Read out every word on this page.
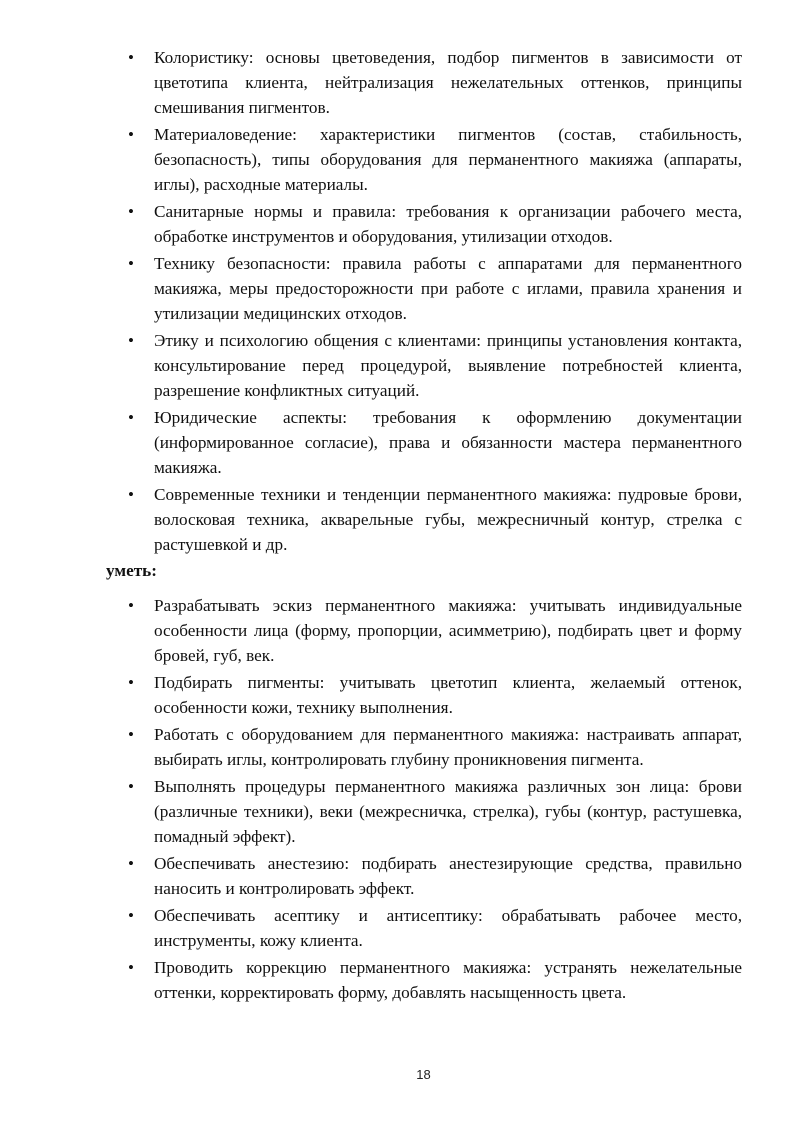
• Колористику: основы цветоведения, подбор пигментов в зависимости от цветотипа клиента, нейтрализация нежелательных оттенков, принципы смешивания пигментов.
• Материаловедение: характеристики пигментов (состав, стабильность, безопасность), типы оборудования для перманентного макияжа (аппараты, иглы), расходные материалы.
• Санитарные нормы и правила: требования к организации рабочего места, обработке инструментов и оборудования, утилизации отходов.
• Технику безопасности: правила работы с аппаратами для перманентного макияжа, меры предосторожности при работе с иглами, правила хранения и утилизации медицинских отходов.
• Этику и психологию общения с клиентами: принципы установления контакта, консультирование перед процедурой, выявление потребностей клиента, разрешение конфликтных ситуаций.
• Юридические аспекты: требования к оформлению документации (информированное согласие), права и обязанности мастера перманентного макияжа.
• Современные техники и тенденции перманентного макияжа: пудровые брови, волосковая техника, акварельные губы, межресничный контур, стрелка с растушевкой и др.

уметь:

• Разрабатывать эскиз перманентного макияжа: учитывать индивидуальные особенности лица (форму, пропорции, асимметрию), подбирать цвет и форму бровей, губ, век.
• Подбирать пигменты: учитывать цветотип клиента, желаемый оттенок, особенности кожи, технику выполнения.
• Работать с оборудованием для перманентного макияжа: настраивать аппарат, выбирать иглы, контролировать глубину проникновения пигмента.
• Выполнять процедуры перманентного макияжа различных зон лица: брови (различные техники), веки (межресничка, стрелка), губы (контур, растушевка, помадный эффект).
• Обеспечивать анестезию: подбирать анестезирующие средства, правильно наносить и контролировать эффект.
• Обеспечивать асептику и антисептику: обрабатывать рабочее место, инструменты, кожу клиента.
• Проводить коррекцию перманентного макияжа: устранять нежелательные оттенки, корректировать форму, добавлять насыщенность цвета.
18
